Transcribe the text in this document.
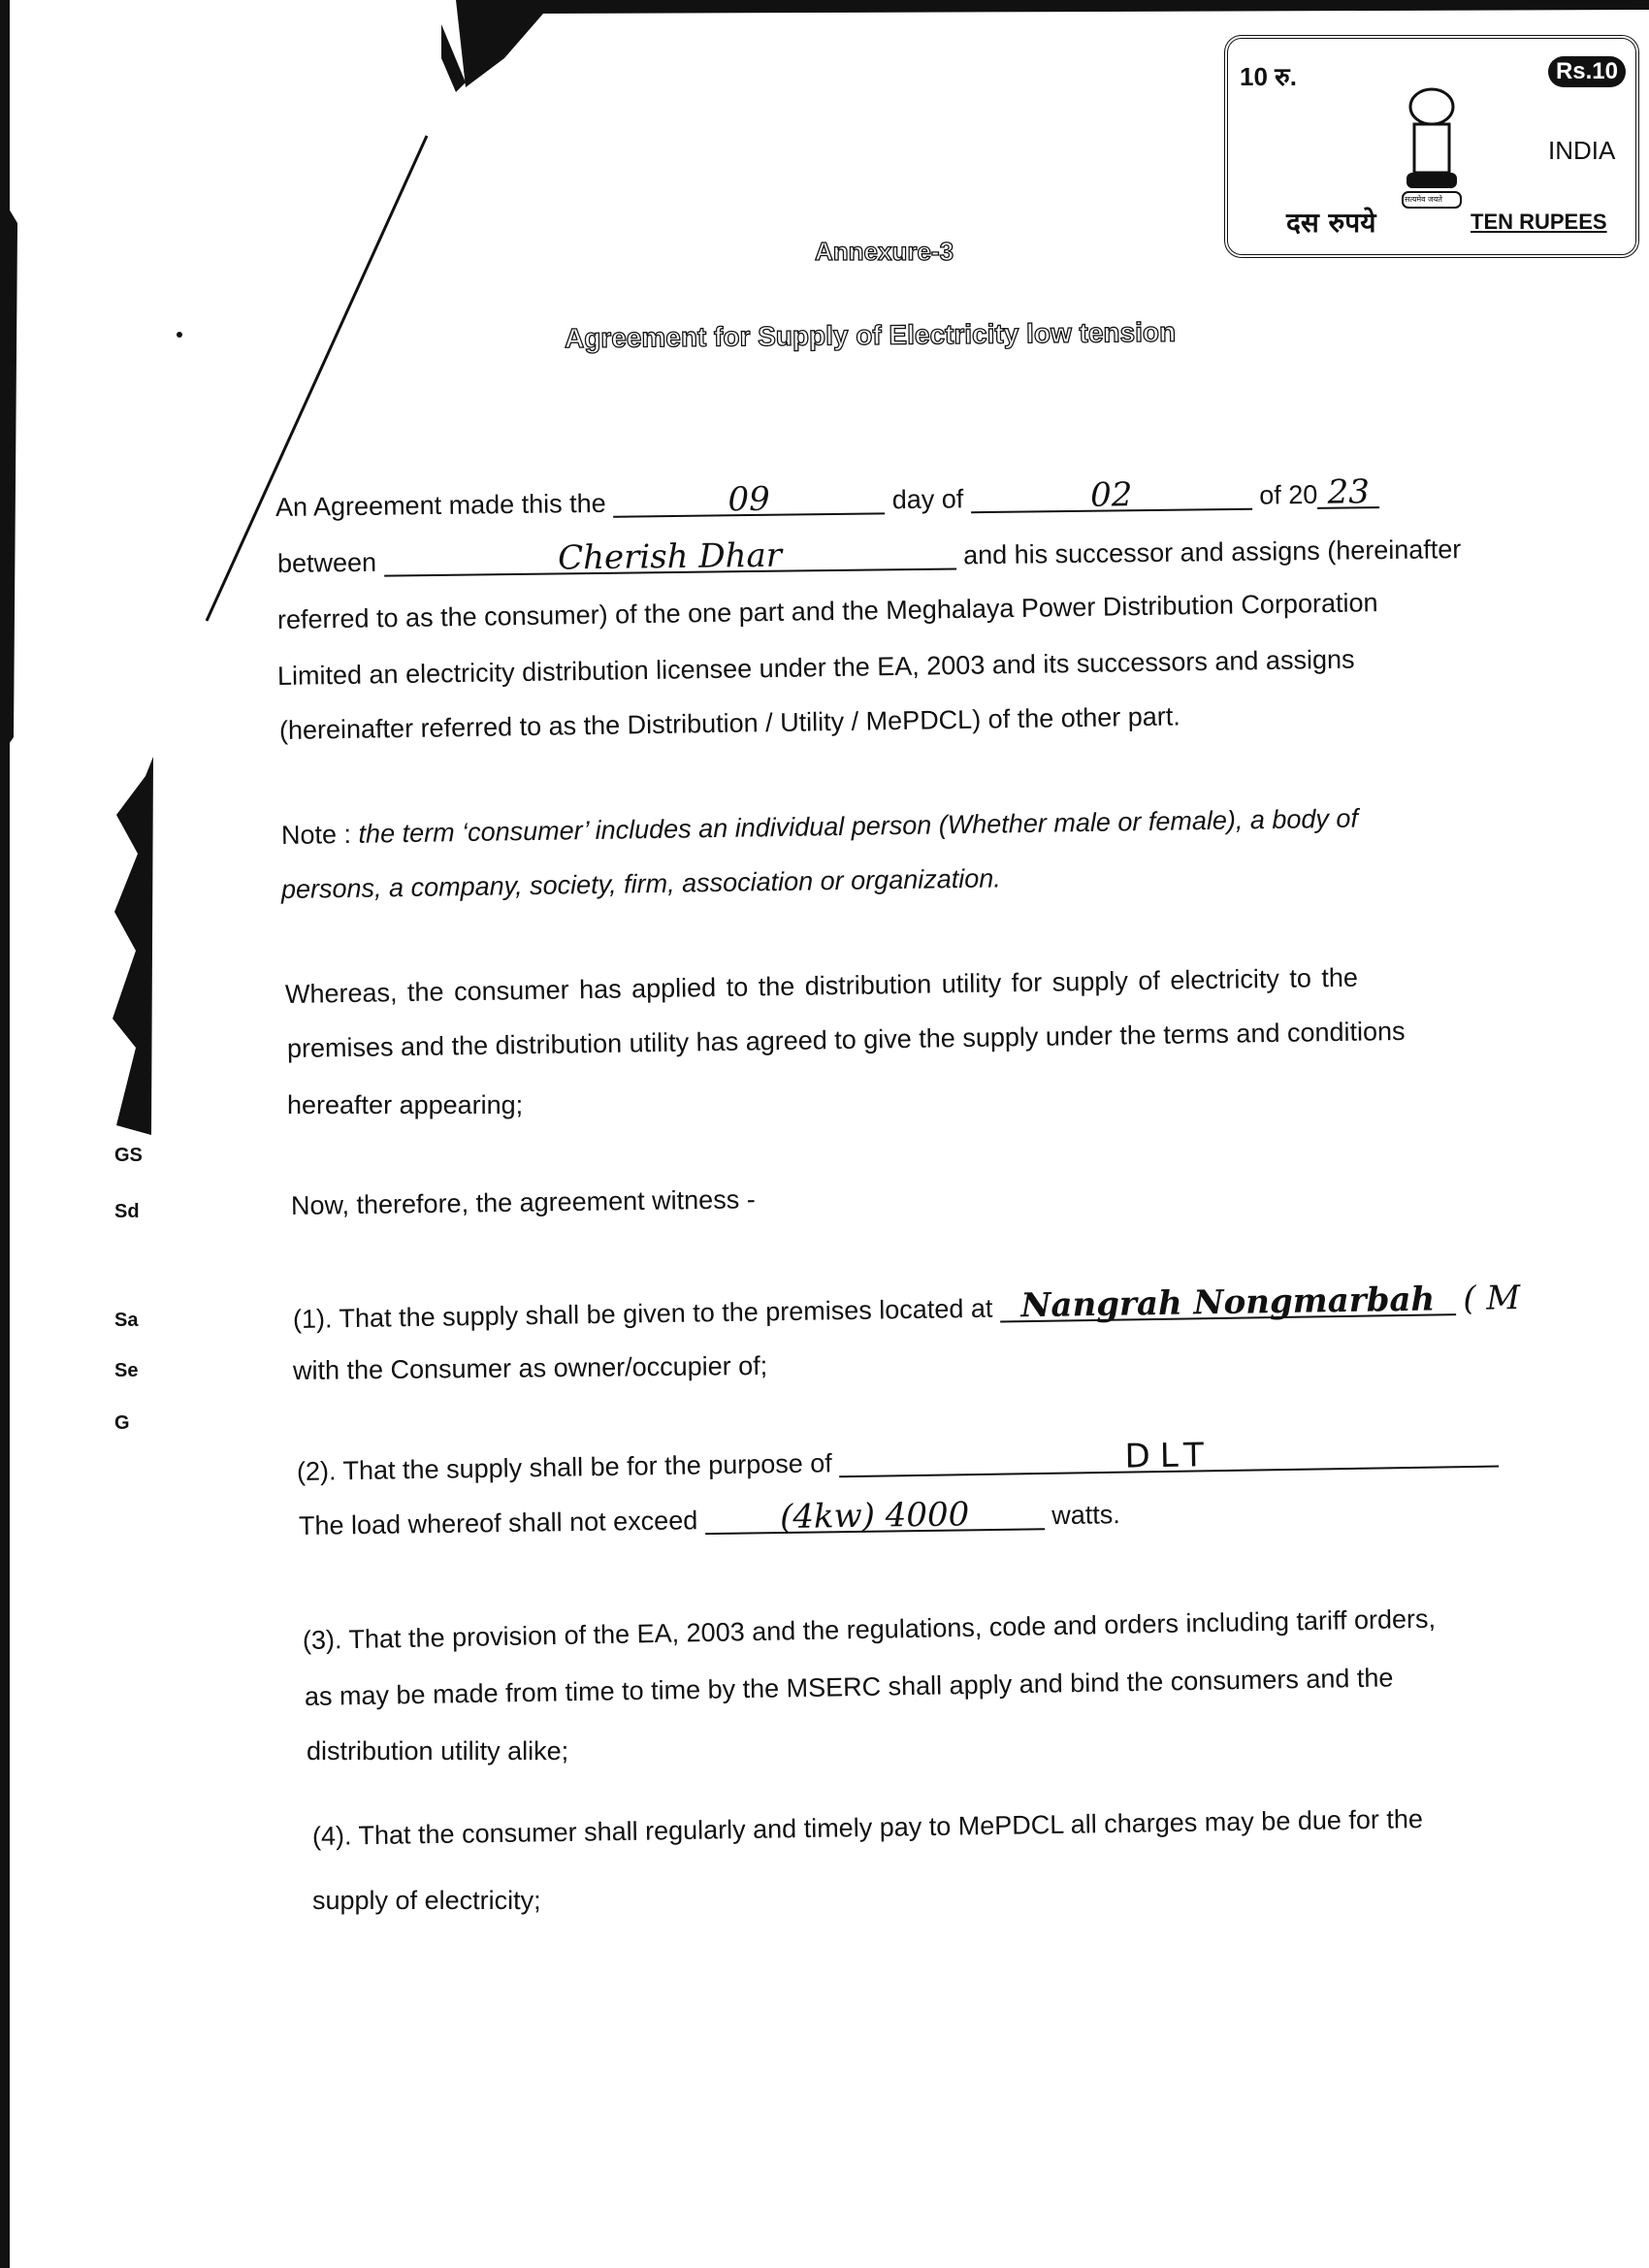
10 रु.	Rs.10
सत्यमेव जयते
INDIA
दस रुपये	TEN RUPEES
Annexure-3
Agreement for Supply of Electricity low tension
An Agreement made this the	09	day of	02	of 20 23
between	Cherish Dhar	and his successor and assigns (hereinafter
referred to as the consumer) of the one part and the Meghalaya Power Distribution Corporation
Limited an electricity distribution licensee under the EA, 2003 and its successors and assigns
(hereinafter referred to as the Distribution / Utility / MePDCL) of the other part.
Note : the term ‘consumer’ includes an individual person (Whether male or female), a body of
persons, a company, society, firm, association or organization.
Whereas, the consumer has applied to the distribution utility for supply of electricity to the
premises and the distribution utility has agreed to give the supply under the terms and conditions
hereafter appearing;
Now, therefore, the agreement witness -
(1). That the supply shall be given to the premises located at Nangrah Nongmarbah ( M
with the Consumer as owner/occupier of;
(2). That the supply shall be for the purpose of	DLT
The load whereof shall not exceed (4kw) 4000	watts.
(3). That the provision of the EA, 2003 and the regulations, code and orders including tariff orders,
as may be made from time to time by the MSERC shall apply and bind the consumers and the
distribution utility alike;
(4). That the consumer shall regularly and timely pay to MePDCL all charges may be due for the
supply of electricity;
GS
Sd
Sa
Se
G
